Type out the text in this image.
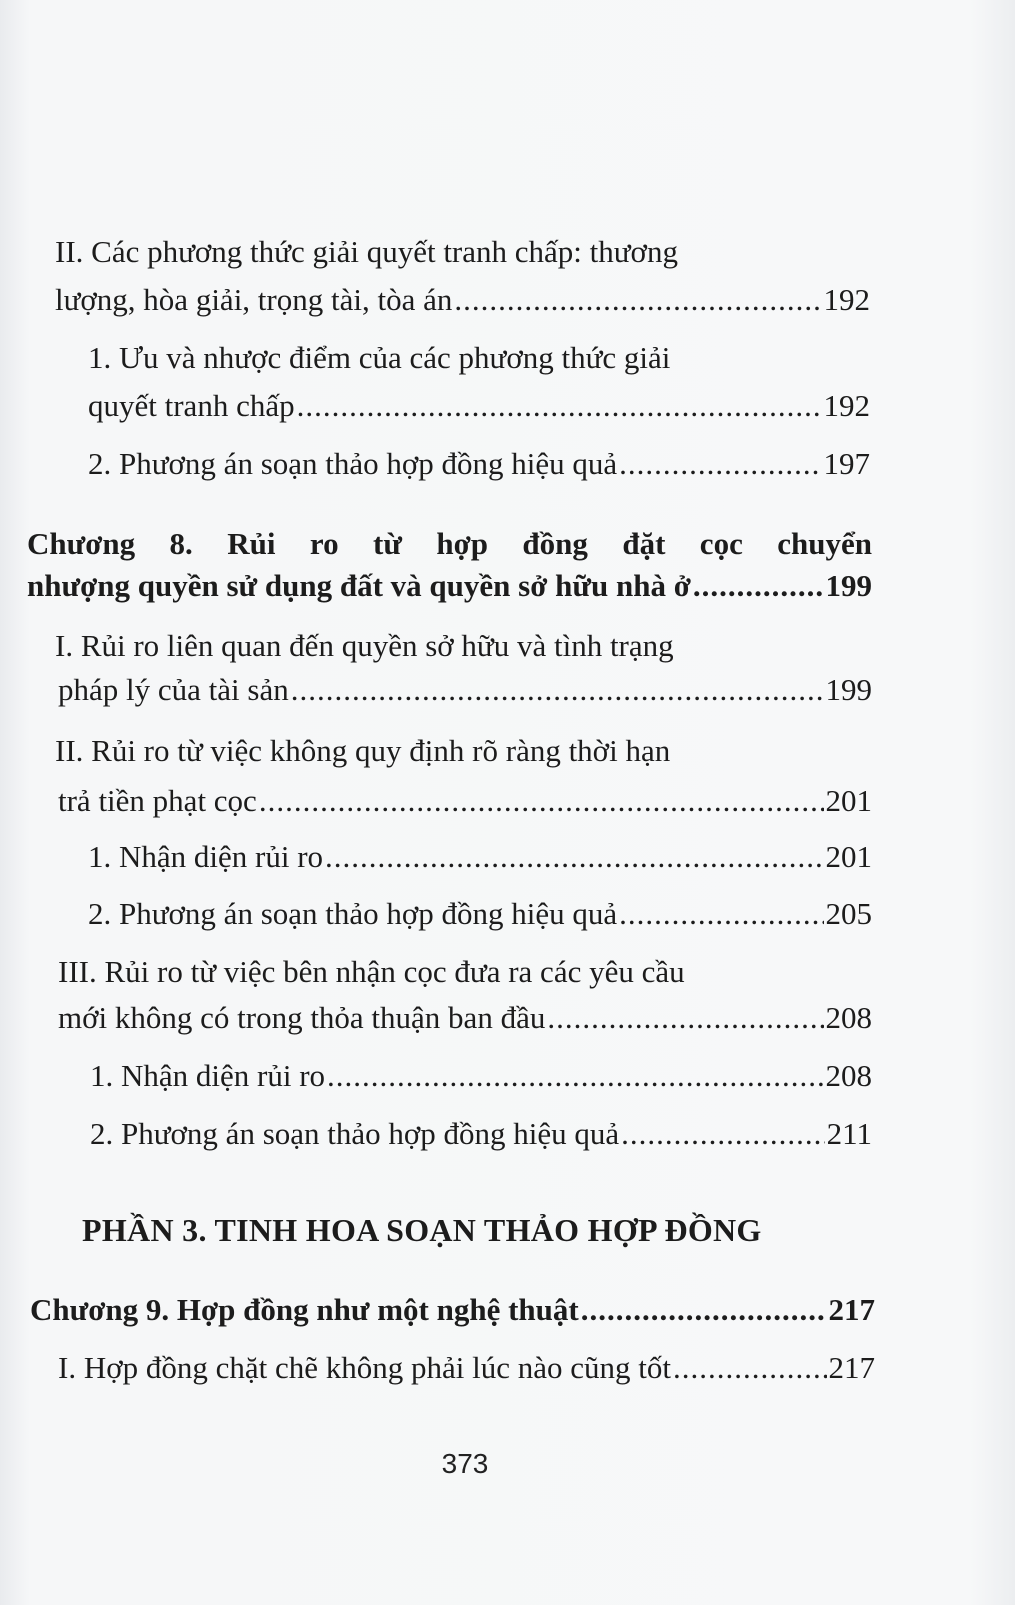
II. Các phương thức giải quyết tranh chấp: thương
lượng, hòa giải, trọng tài, tòa án .....	192
1. Ưu và nhược điểm của các phương thức giải
quyết tranh chấp .....	192
2. Phương án soạn thảo hợp đồng hiệu quả .....	197
Chương 8. Rủi ro từ hợp đồng đặt cọc chuyển
nhượng quyền sử dụng đất và quyền sở hữu nhà ở .....	199
I. Rủi ro liên quan đến quyền sở hữu và tình trạng
pháp lý của tài sản .....	199
II. Rủi ro từ việc không quy định rõ ràng thời hạn
trả tiền phạt cọc .....	201
1. Nhận diện rủi ro .....	201
2. Phương án soạn thảo hợp đồng hiệu quả .....	205
III. Rủi ro từ việc bên nhận cọc đưa ra các yêu cầu
mới không có trong thỏa thuận ban đầu .....	208
1. Nhận diện rủi ro .....	208
2. Phương án soạn thảo hợp đồng hiệu quả .....	211
PHẦN 3. TINH HOA SOẠN THẢO HỢP ĐỒNG
Chương 9. Hợp đồng như một nghệ thuật .....	217
I. Hợp đồng chặt chẽ không phải lúc nào cũng tốt .....	217
373
